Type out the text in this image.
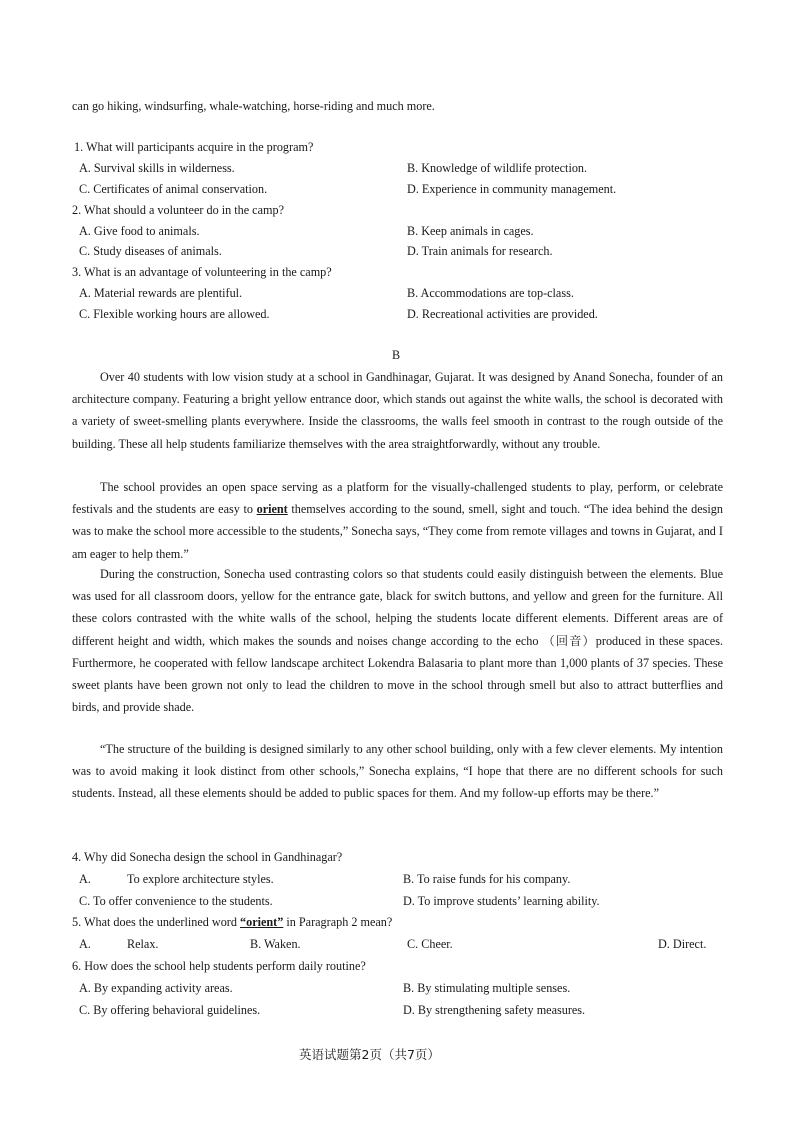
can go hiking, windsurfing, whale-watching, horse-riding and much more.
1. What will participants acquire in the program?
A. Survival skills in wilderness.	B. Knowledge of wildlife protection.
C. Certificates of animal conservation.	D. Experience in community management.
2. What should a volunteer do in the camp?
A. Give food to animals.	B. Keep animals in cages.
C. Study diseases of animals.	D. Train animals for research.
3. What is an advantage of volunteering in the camp?
A. Material rewards are plentiful.	B. Accommodations are top-class.
C. Flexible working hours are allowed.	D. Recreational activities are provided.
B
Over 40 students with low vision study at a school in Gandhinagar, Gujarat. It was designed by Anand Sonecha, founder of an architecture company. Featuring a bright yellow entrance door, which stands out against the white walls, the school is decorated with a variety of sweet-smelling plants everywhere. Inside the classrooms, the walls feel smooth in contrast to the rough outside of the building. These all help students familiarize themselves with the area straightforwardly, without any trouble.
The school provides an open space serving as a platform for the visually-challenged students to play, perform, or celebrate festivals and the students are easy to orient themselves according to the sound, smell, sight and touch. “The idea behind the design was to make the school more accessible to the students,” Sonecha says, “They come from remote villages and towns in Gujarat, and I am eager to help them.”
During the construction, Sonecha used contrasting colors so that students could easily distinguish between the elements. Blue was used for all classroom doors, yellow for the entrance gate, black for switch buttons, and yellow and green for the furniture. All these colors contrasted with the white walls of the school, helping the students locate different elements. Different areas are of different height and width, which makes the sounds and noises change according to the echo （回音）produced in these spaces. Furthermore, he cooperated with fellow landscape architect Lokendra Balasaria to plant more than 1,000 plants of 37 species. These sweet plants have been grown not only to lead the children to move in the school through smell but also to attract butterflies and birds, and provide shade.
“The structure of the building is designed similarly to any other school building, only with a few clever elements. My intention was to avoid making it look distinct from other schools,” Sonecha explains, “I hope that there are no different schools for such students. Instead, all these elements should be added to public spaces for them. And my follow-up efforts may be there.”
4. Why did Sonecha design the school in Gandhinagar?
A.	To explore architecture styles.	B. To raise funds for his company.
C. To offer convenience to the students.	D. To improve students’ learning ability.
5. What does the underlined word “orient” in Paragraph 2 mean?
A.	Relax.	B. Waken.	C. Cheer.	D. Direct.
6. How does the school help students perform daily routine?
A. By expanding activity areas.	B. By stimulating multiple senses.
C. By offering behavioral guidelines.	D. By strengthening safety measures.
英语试题第2页（共7页）
